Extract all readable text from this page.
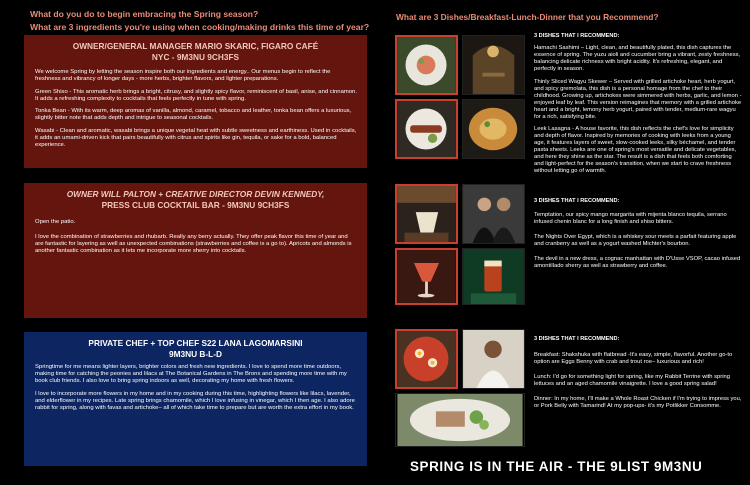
What do you do to begin embracing the Spring season?
What are 3 ingredients you're using when cooking/making drinks this time of year?
What are 3 Dishes/Breakfast-Lunch-Dinner that you Recommend?
OWNER/GENERAL MANAGER MARIO SKARIC, FIGARO CAFÉ
NYC - 9M3NU 9CH3FS

We welcome Spring by letting the season inspire both our ingredients and energy.. Our menus begin to reflect the freshness and vibrancy of longer days - more herbs, brighter flavors, and lighter preparations.

Green Shiso - This aromatic herb brings a bright, citrusy, and slightly spicy flavor, reminiscent of basil, anise, and cinnamon. It adds a refreshing complexity to cocktails that feels perfectly in tune with spring.

Tonka Bean - With its warm, deep aromas of vanilla, almond, caramel, tobacco and leather, tonka bean offers a luxurious, slightly bitter note that adds depth and intrigue to seasonal cocktails.

Wasabi - Clean and aromatic, wasabi brings a unique vegetal heat with subtle sweetness and earthiness. Used in cocktails, it adds an umami-driven kick that pairs beautifully with citrus and spirits like gin, tequila, or sake for a bold, balanced experience.

OWNER WILL PALTON + CREATIVE DIRECTOR DEVIN KENNEDY,
PRESS CLUB COCKTAIL BAR - 9M3NU 9CH3FS

Open the patio.

I love the combination of strawberries and rhubarb. Really any berry actually. They offer peak flavor this time of year and are fantastic for layering as well as unexpected combinations (strawberries and coffee is a go to). Apricots and almonds is another fantastic combination as it lets me incorporate more sherry into cocktails.

PRIVATE CHEF + TOP CHEF S22 LANA LAGOMARSINI
9M3NU B-L-D

Springtime for me means lighter layers, brighter colors and fresh new ingredients. I love to spend more time outdoors, making time for catching the peonies and lilacs at The Botanical Gardens in The Bronx and spending more time with my book club friends. I also love to bring spring indoors as well, decorating my home with fresh flowers.

I love to incorporate more flowers in my home and in my cooking during this time, highlighting flowers like lilacs, lavender, and elderflower in my recipes. Late spring brings chamomile, which I love infusing in vinegar, which I then age. I also adore rabbit for spring, along with favas and artichoke– all of which take time to prepare but are worth the extra effort in my book.

3 DISHES THAT I RECOMMEND:

Hamachi Sashimi – Light, clean, and beautifully plated, this dish captures the essence of spring. The yuzu aioli and cucumber bring a vibrant, zesty freshness, balancing delicate richness with bright acidity. It's refreshing, elegant, and perfectly in season.

Thinly Sliced Wagyu Skewer – Served with grilled artichoke heart, herb yogurt, and spicy gremolata, this dish is a personal homage from the chef to their childhood. Growing up, artichokes were simmered with herbs, garlic, and lemon - enjoyed leaf by leaf. This version reimagines that memory with a grilled artichoke heart and a bright, lemony herb yogurt, paired with tender, medium-rare wagyu for a rich, satisfying bite.

Leek Lasagna - A house favorite, this dish reflects the chef's love for simplicity and depth of flavor. Inspired by memories of cooking with leeks from a young age, it features layers of sweet, slow-cooked leeks, silky béchamel, and tender pasta sheets. Leeks are one of spring's most versatile and delicate vegetables, and here they shine as the star. The result is a dish that feels both comforting and light-perfect for the season's transition, when we start to crave freshness without letting go of warmth.

3 DISHES THAT I RECOMMEND:

Temptation, our spicy mango margarita with mijenta blanco tequila, serrano infused chenin blanc for a long finish and shiso bitters.

The Nights Over Egypt, which is a whiskey sour meets a parfait featuring apple and cranberry as well as a yogurt washed Michter's bourbon.

The devil in a new dress, a cognac manhattan with D'Usse VSOP, cacao infused amontillado sherry as well as strawberry and coffee.

3 DISHES THAT I RECOMMEND:

Breakfast: Shakshuka with flatbread -It's easy, simple, flavorful. Another go-to option are Eggs Benny with crab and trout roe– luxurious and rich!

Lunch: I'd go for something light for spring, like my Rabbit Terrine with spring lettuces and an aged chamomile vinaigrette. I love a good spring salad!

Dinner: In my home, I'll make a Whole Roast Chicken if I'm trying to impress you, or Pork Belly with Tamarind! At my pop-ups- it's my Potlikker Consomme.

SPRING IS IN THE AIR - THE 9LIST 9M3NU
